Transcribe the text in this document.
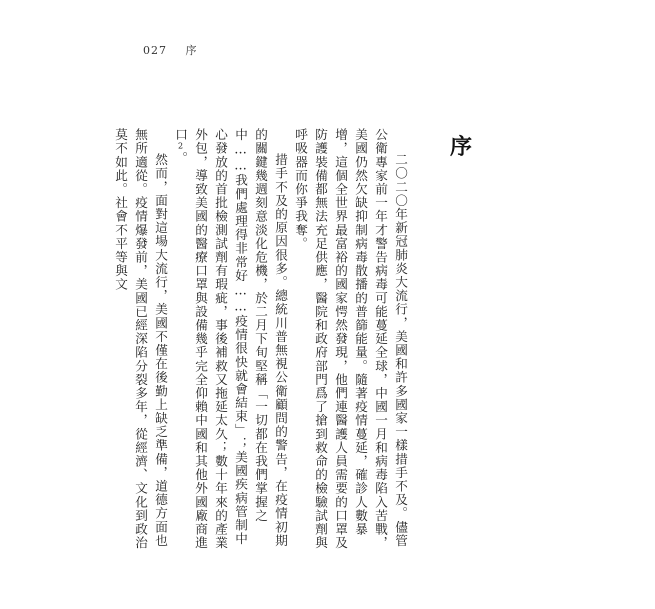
027 序
序

二〇二〇年新冠肺炎大流行，美國和許多國家一樣措手不及。儘管公衛專家前一年才警告病毒可能蔓延全球，中國一月和病毒陷入苦戰，美國仍然欠缺抑制病毒散播的普篩能量。隨著疫情蔓延，確診人數暴增，這個全世界最富裕的國家愕然發現，他們連醫護人員需要的口罩及防護裝備都無法充足供應，醫院和政府部門爲了搶到救命的檢驗試劑與呼吸器而你爭我奪。

措手不及的原因很多。總統川普無視公衛顧問的警告，在疫情初期的關鍵幾週刻意淡化危機，於二月下旬堅稱「一切都在我們掌握之中……我們處理得非常好……疫情很快就會結束」；美國疾病管制中心發放的首批檢測試劑有瑕疵，事後補救又拖延太久；數十年來的產業外包，導致美國的醫療口罩與設備幾乎完全仰賴中國和其他外國廠商進口2。

然而，面對這場大流行，美國不僅在後勤上缺乏準備，道德方面也無所適從。疫情爆發前，美國已經深陷分裂多年，從經濟、文化到政治莫不如此。社會不平等與文
